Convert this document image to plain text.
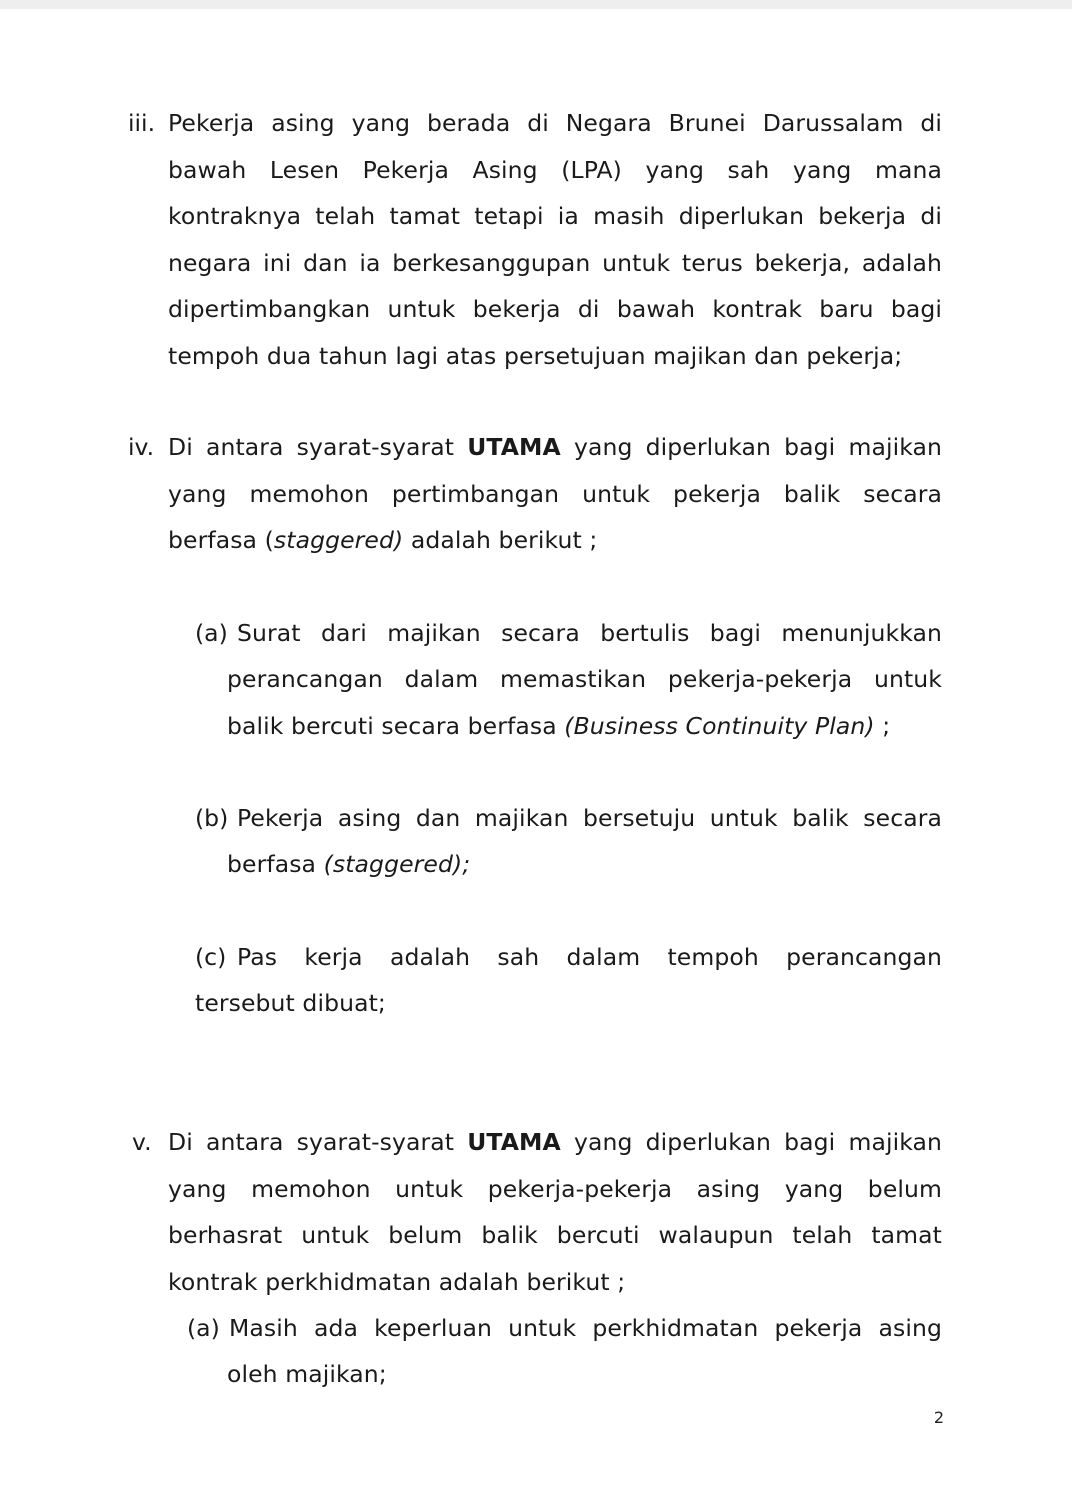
iii. Pekerja asing yang berada di Negara Brunei Darussalam di
bawah Lesen Pekerja Asing (LPA) yang sah yang mana
kontraknya telah tamat tetapi ia masih diperlukan bekerja di
negara ini dan ia berkesanggupan untuk terus bekerja, adalah
dipertimbangkan untuk bekerja di bawah kontrak baru bagi
tempoh dua tahun lagi atas persetujuan majikan dan pekerja;
iv. Di antara syarat-syarat UTAMA yang diperlukan bagi majikan
yang memohon pertimbangan untuk pekerja balik secara
berfasa (staggered) adalah berikut ;
(a) Surat dari majikan secara bertulis bagi menunjukkan
perancangan dalam memastikan pekerja-pekerja untuk
balik bercuti secara berfasa (Business Continuity Plan) ;
(b) Pekerja asing dan majikan bersetuju untuk balik secara
berfasa (staggered);
(c) Pas kerja adalah sah dalam tempoh perancangan
tersebut dibuat;
v. Di antara syarat-syarat UTAMA yang diperlukan bagi majikan
yang memohon untuk pekerja-pekerja asing yang belum
berhasrat untuk belum balik bercuti walaupun telah tamat
kontrak perkhidmatan adalah berikut ;
(a) Masih ada keperluan untuk perkhidmatan pekerja asing
oleh majikan;
2
